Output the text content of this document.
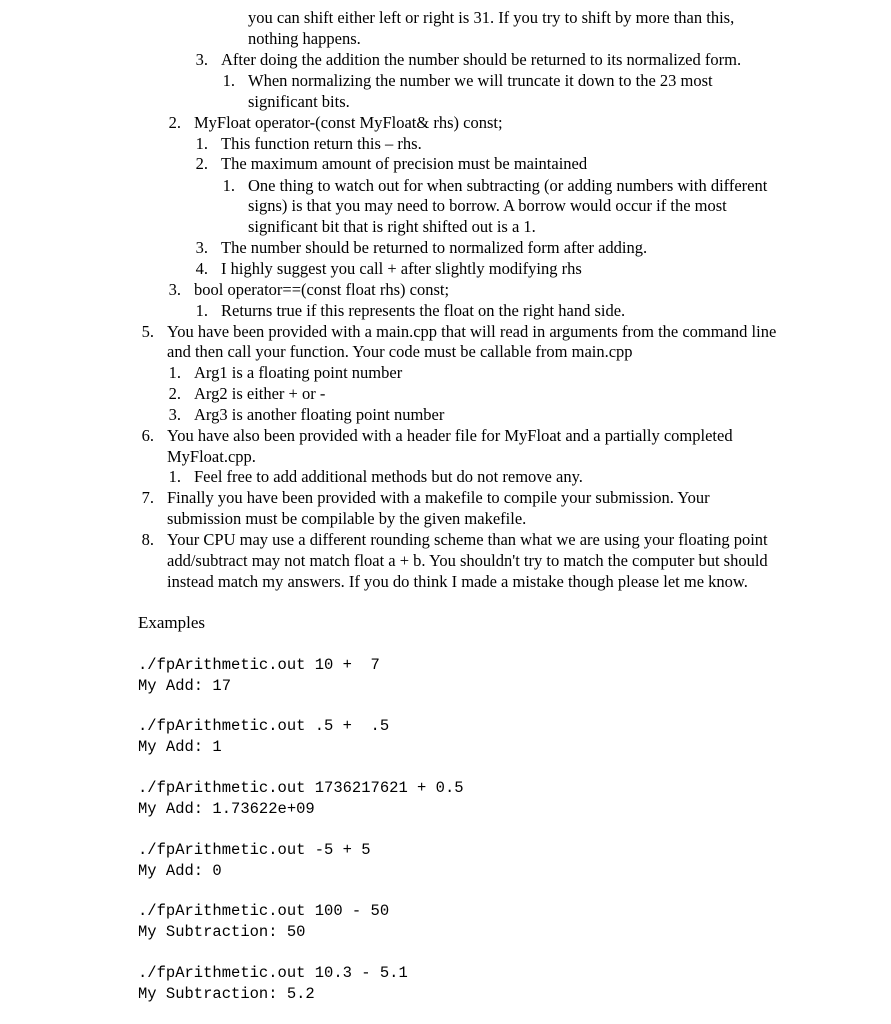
you can shift either left or right is 31. If you try to shift by more than this,
nothing happens.
3. After doing the addition the number should be returned to its normalized form.
1. When normalizing the number we will truncate it down to the 23 most
significant bits.
2. MyFloat operator-(const MyFloat& rhs) const;
1. This function return this – rhs.
2. The maximum amount of precision must be maintained
1. One thing to watch out for when subtracting (or adding numbers with different
signs) is that you may need to borrow. A borrow would occur if the most
significant bit that is right shifted out is a 1.
3. The number should be returned to normalized form after adding.
4. I highly suggest you call + after slightly modifying rhs
3. bool operator==(const float rhs) const;
1. Returns true if this represents the float on the right hand side.
5. You have been provided with a main.cpp that will read in arguments from the command line
and then call your function. Your code must be callable from main.cpp
1. Arg1 is a floating point number
2. Arg2 is either + or -
3. Arg3 is another floating point number
6. You have also been provided with a header file for MyFloat and a partially completed
MyFloat.cpp.
1. Feel free to add additional methods but do not remove any.
7. Finally you have been provided with a makefile to compile your submission. Your
submission must be compilable by the given makefile.
8. Your CPU may use a different rounding scheme than what we are using your floating point
add/subtract may not match float a + b. You shouldn't try to match the computer but should
instead match my answers. If you do think I made a mistake though please let me know.
Examples
./fpArithmetic.out 10 +  7
My Add: 17
./fpArithmetic.out .5 +  .5
My Add: 1
./fpArithmetic.out 1736217621 + 0.5
My Add: 1.73622e+09
./fpArithmetic.out -5 + 5
My Add: 0
./fpArithmetic.out 100 - 50
My Subtraction: 50
./fpArithmetic.out 10.3 - 5.1
My Subtraction: 5.2
